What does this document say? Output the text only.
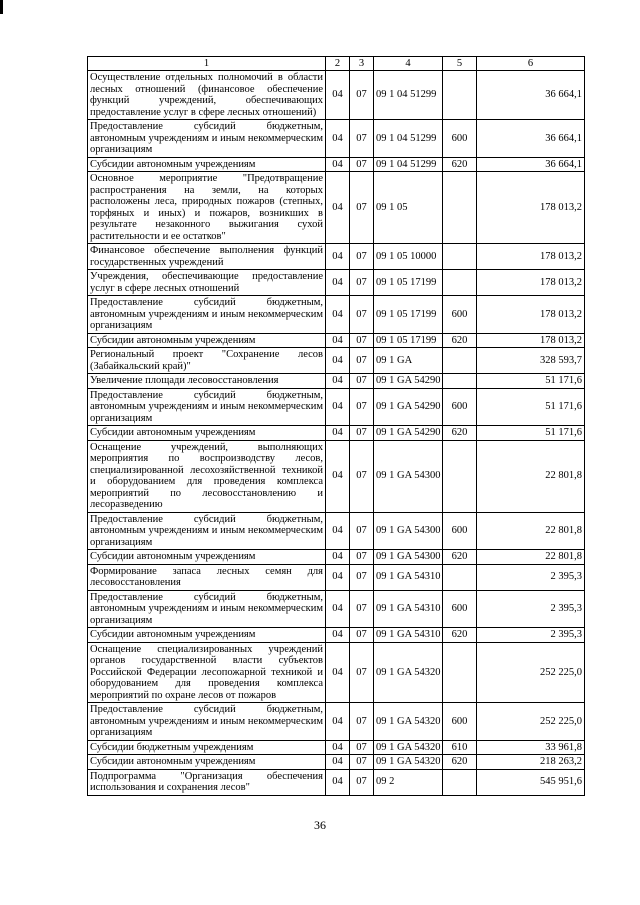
1	2	3	4	5	6
Осуществление отдельных полномочий в области лесных отношений (финансовое обеспечение функций учреждений, обеспечивающих предоставление услуг в сфере лесных отношений)	04	07	09 1 04 51299		36 664,1
Предоставление субсидий бюджетным, автономным учреждениям и иным некоммерческим организациям	04	07	09 1 04 51299	600	36 664,1
Субсидии автономным учреждениям	04	07	09 1 04 51299	620	36 664,1
Основное мероприятие "Предотвращение распространения на земли, на которых расположены леса, природных пожаров (степных, торфяных и иных) и пожаров, возникших в результате незаконного выжигания сухой растительности и ее остатков"	04	07	09 1 05		178 013,2
Финансовое обеспечение выполнения функций государственных учреждений	04	07	09 1 05 10000		178 013,2
Учреждения, обеспечивающие предоставление услуг в сфере лесных отношений	04	07	09 1 05 17199		178 013,2
Предоставление субсидий бюджетным, автономным учреждениям и иным некоммерческим организациям	04	07	09 1 05 17199	600	178 013,2
Субсидии автономным учреждениям	04	07	09 1 05 17199	620	178 013,2
Региональный проект "Сохранение лесов (Забайкальский край)"	04	07	09 1 GA		328 593,7
Увеличение площади лесовосстановления	04	07	09 1 GA 54290		51 171,6
Предоставление субсидий бюджетным, автономным учреждениям и иным некоммерческим организациям	04	07	09 1 GA 54290	600	51 171,6
Субсидии автономным учреждениям	04	07	09 1 GA 54290	620	51 171,6
Оснащение учреждений, выполняющих мероприятия по воспроизводству лесов, специализированной лесохозяйственной техникой и оборудованием для проведения комплекса мероприятий по лесовосстановлению и лесоразведению	04	07	09 1 GA 54300		22 801,8
Предоставление субсидий бюджетным, автономным учреждениям и иным некоммерческим организациям	04	07	09 1 GA 54300	600	22 801,8
Субсидии автономным учреждениям	04	07	09 1 GA 54300	620	22 801,8
Формирование запаса лесных семян для лесовосстановления	04	07	09 1 GA 54310		2 395,3
Предоставление субсидий бюджетным, автономным учреждениям и иным некоммерческим организациям	04	07	09 1 GA 54310	600	2 395,3
Субсидии автономным учреждениям	04	07	09 1 GA 54310	620	2 395,3
Оснащение специализированных учреждений органов государственной власти субъектов Российской Федерации лесопожарной техникой и оборудованием для проведения комплекса мероприятий по охране лесов от пожаров	04	07	09 1 GA 54320		252 225,0
Предоставление субсидий бюджетным, автономным учреждениям и иным некоммерческим организациям	04	07	09 1 GA 54320	600	252 225,0
Субсидии бюджетным учреждениям	04	07	09 1 GA 54320	610	33 961,8
Субсидии автономным учреждениям	04	07	09 1 GA 54320	620	218 263,2
Подпрограмма "Организация обеспечения использования и сохранения лесов"	04	07	09 2		545 951,6
36
